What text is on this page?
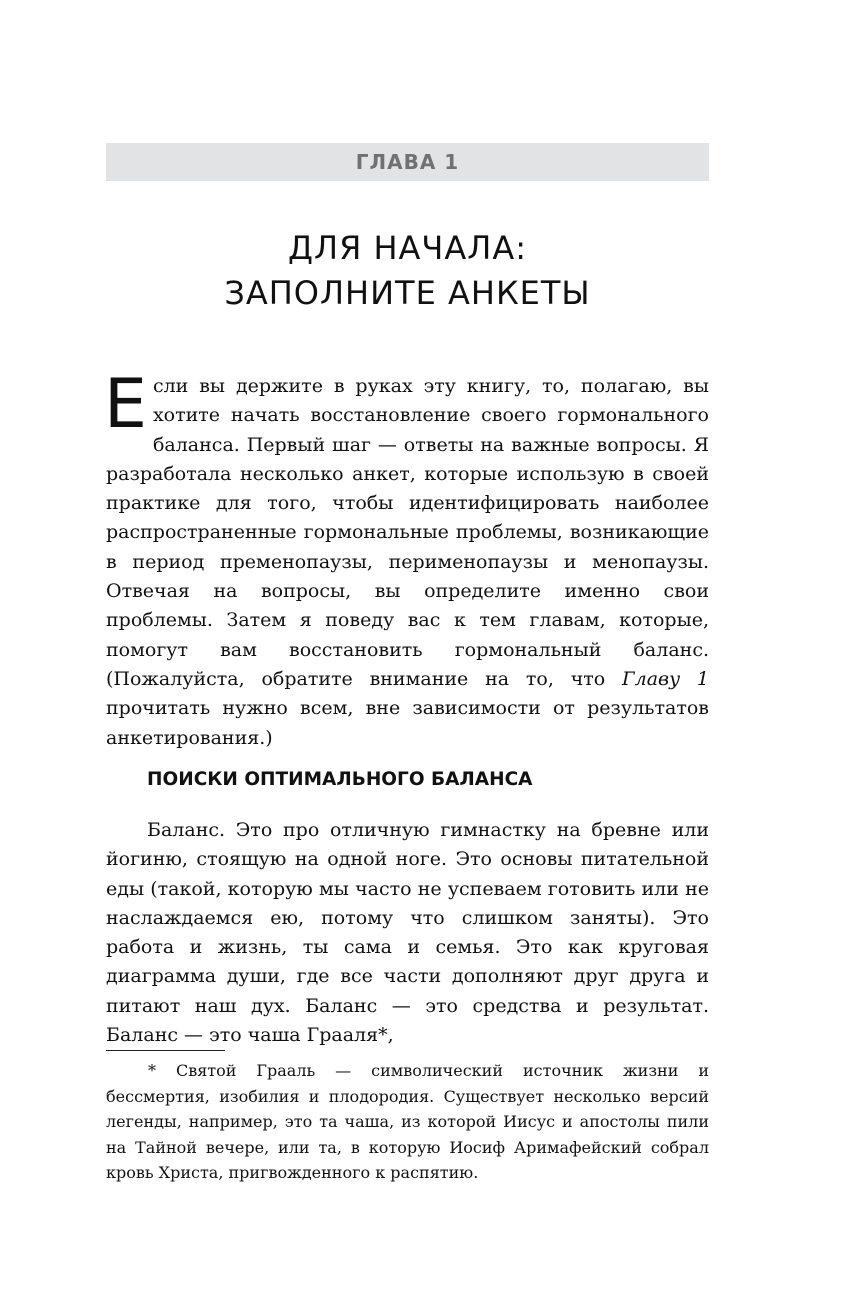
ГЛАВА 1
ДЛЯ НАЧАЛА:
ЗАПОЛНИТЕ АНКЕТЫ
Если вы держите в руках эту книгу, то, полагаю, вы хотите начать восстановление своего гормонального баланса. Первый шаг — ответы на важные вопросы. Я разработала несколько анкет, которые использую в своей практике для того, чтобы идентифицировать наиболее распространенные гормональные проблемы, возникающие в период пременопаузы, перименопаузы и менопаузы. Отвечая на вопросы, вы определите именно свои проблемы. Затем я поведу вас к тем главам, которые, помогут вам восстановить гормональный баланс. (Пожалуйста, обратите внимание на то, что Главу 1 прочитать нужно всем, вне зависимости от результатов анкетирования.)
ПОИСКИ ОПТИМАЛЬНОГО БАЛАНСА
Баланс. Это про отличную гимнастку на бревне или йогиню, стоящую на одной ноге. Это основы питательной еды (такой, которую мы часто не успеваем готовить или не наслаждаемся ею, потому что слишком заняты). Это работа и жизнь, ты сама и семья. Это как круговая диаграмма души, где все части дополняют друг друга и питают наш дух. Баланс — это средства и результат. Баланс — это чаша Грааля*,
* Святой Грааль — символический источник жизни и бессмертия, изобилия и плодородия. Существует несколько версий легенды, например, это та чаша, из которой Иисус и апостолы пили на Тайной вечере, или та, в которую Иосиф Аримафейский собрал кровь Христа, пригвожденного к распятию.
